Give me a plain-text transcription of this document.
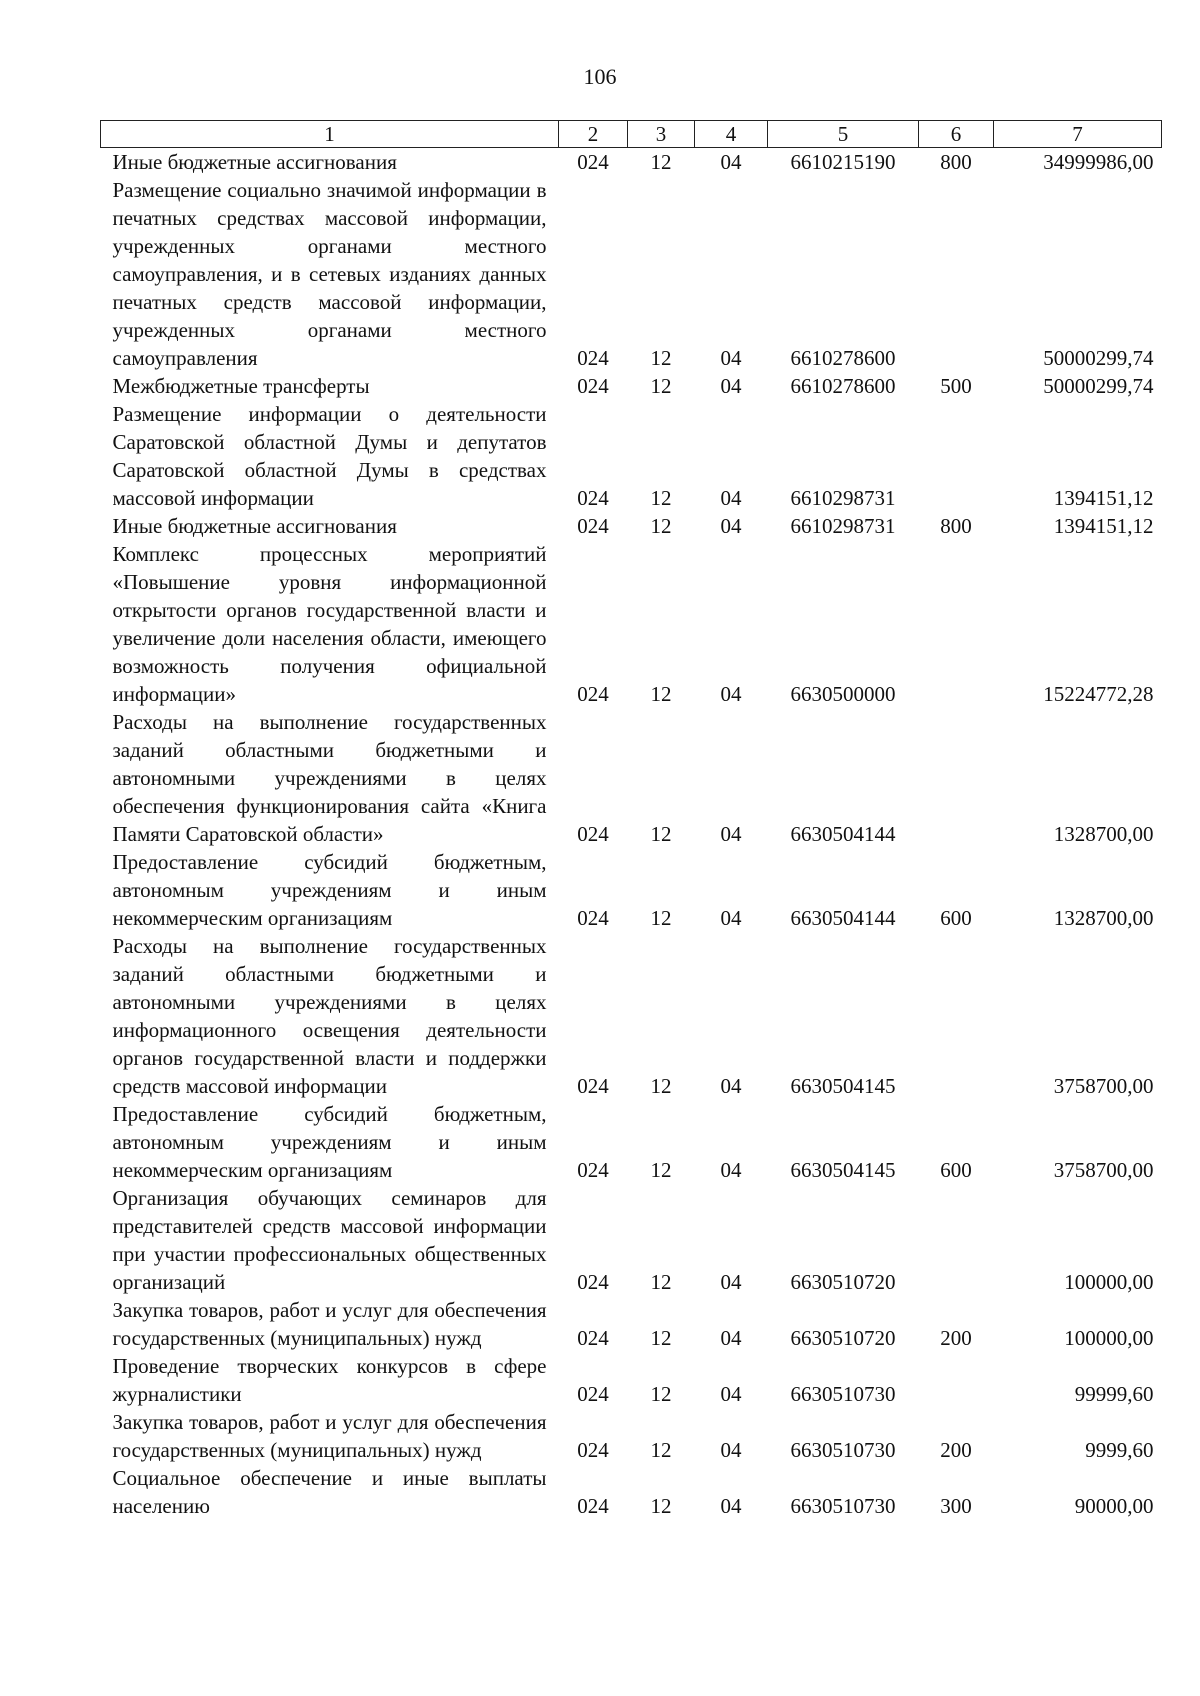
106
1	2	3	4	5	6	7
Иные бюджетные ассигнования	024	12	04	6610215190	800	34999986,00
Размещение социально значимой информации в печатных средствах массовой информации, учрежденных органами местного самоуправления, и в сетевых изданиях данных печатных средств массовой информации, учрежденных органами местного самоуправления	024	12	04	6610278600		50000299,74
Межбюджетные трансферты	024	12	04	6610278600	500	50000299,74
Размещение информации о деятельности Саратовской областной Думы и депутатов Саратовской областной Думы в средствах массовой информации	024	12	04	6610298731		1394151,12
Иные бюджетные ассигнования	024	12	04	6610298731	800	1394151,12
Комплекс процессных мероприятий «Повышение уровня информационной открытости органов государственной власти и увеличение доли населения области, имеющего возможность получения официальной информации»	024	12	04	6630500000		15224772,28
Расходы на выполнение государственных заданий областными бюджетными и автономными учреждениями в целях обеспечения функционирования сайта «Книга Памяти Саратовской области»	024	12	04	6630504144		1328700,00
Предоставление субсидий бюджетным, автономным учреждениям и иным некоммерческим организациям	024	12	04	6630504144	600	1328700,00
Расходы на выполнение государственных заданий областными бюджетными и автономными учреждениями в целях информационного освещения деятельности органов государственной власти и поддержки средств массовой информации	024	12	04	6630504145		3758700,00
Предоставление субсидий бюджетным, автономным учреждениям и иным некоммерческим организациям	024	12	04	6630504145	600	3758700,00
Организация обучающих семинаров для представителей средств массовой информации при участии профессиональных общественных организаций	024	12	04	6630510720		100000,00
Закупка товаров, работ и услуг для обеспечения государственных (муниципальных) нужд	024	12	04	6630510720	200	100000,00
Проведение творческих конкурсов в сфере журналистики	024	12	04	6630510730		99999,60
Закупка товаров, работ и услуг для обеспечения государственных (муниципальных) нужд	024	12	04	6630510730	200	9999,60
Социальное обеспечение и иные выплаты населению	024	12	04	6630510730	300	90000,00
